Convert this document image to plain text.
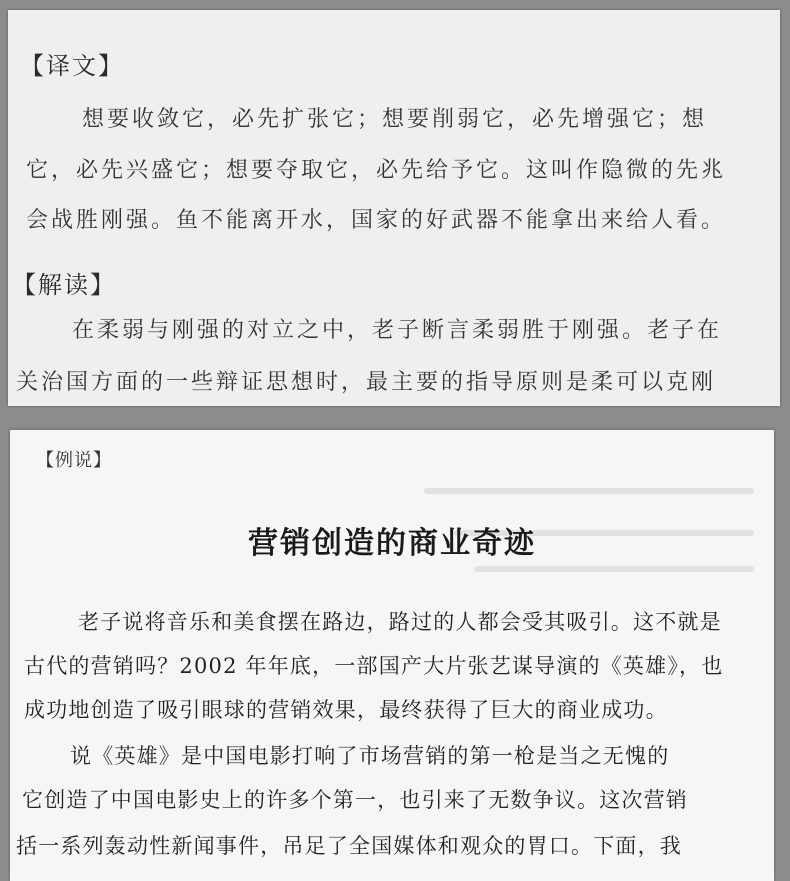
【译文】
想要收敛它，必先扩张它；想要削弱它，必先增强它；想
它，必先兴盛它；想要夺取它，必先给予它。这叫作隐微的先兆
会战胜刚强。鱼不能离开水，国家的好武器不能拿出来给人看。
【解读】
在柔弱与刚强的对立之中，老子断言柔弱胜于刚强。老子在
关治国方面的一些辩证思想时，最主要的指导原则是柔可以克刚
【例说】
营销创造的商业奇迹
老子说将音乐和美食摆在路边，路过的人都会受其吸引。这不就是
古代的营销吗？2002 年年底，一部国产大片张艺谋导演的《英雄》，也
成功地创造了吸引眼球的营销效果，最终获得了巨大的商业成功。
说《英雄》是中国电影打响了市场营销的第一枪是当之无愧的
它创造了中国电影史上的许多个第一，也引来了无数争议。这次营销
括一系列轰动性新闻事件，吊足了全国媒体和观众的胃口。下面，我
